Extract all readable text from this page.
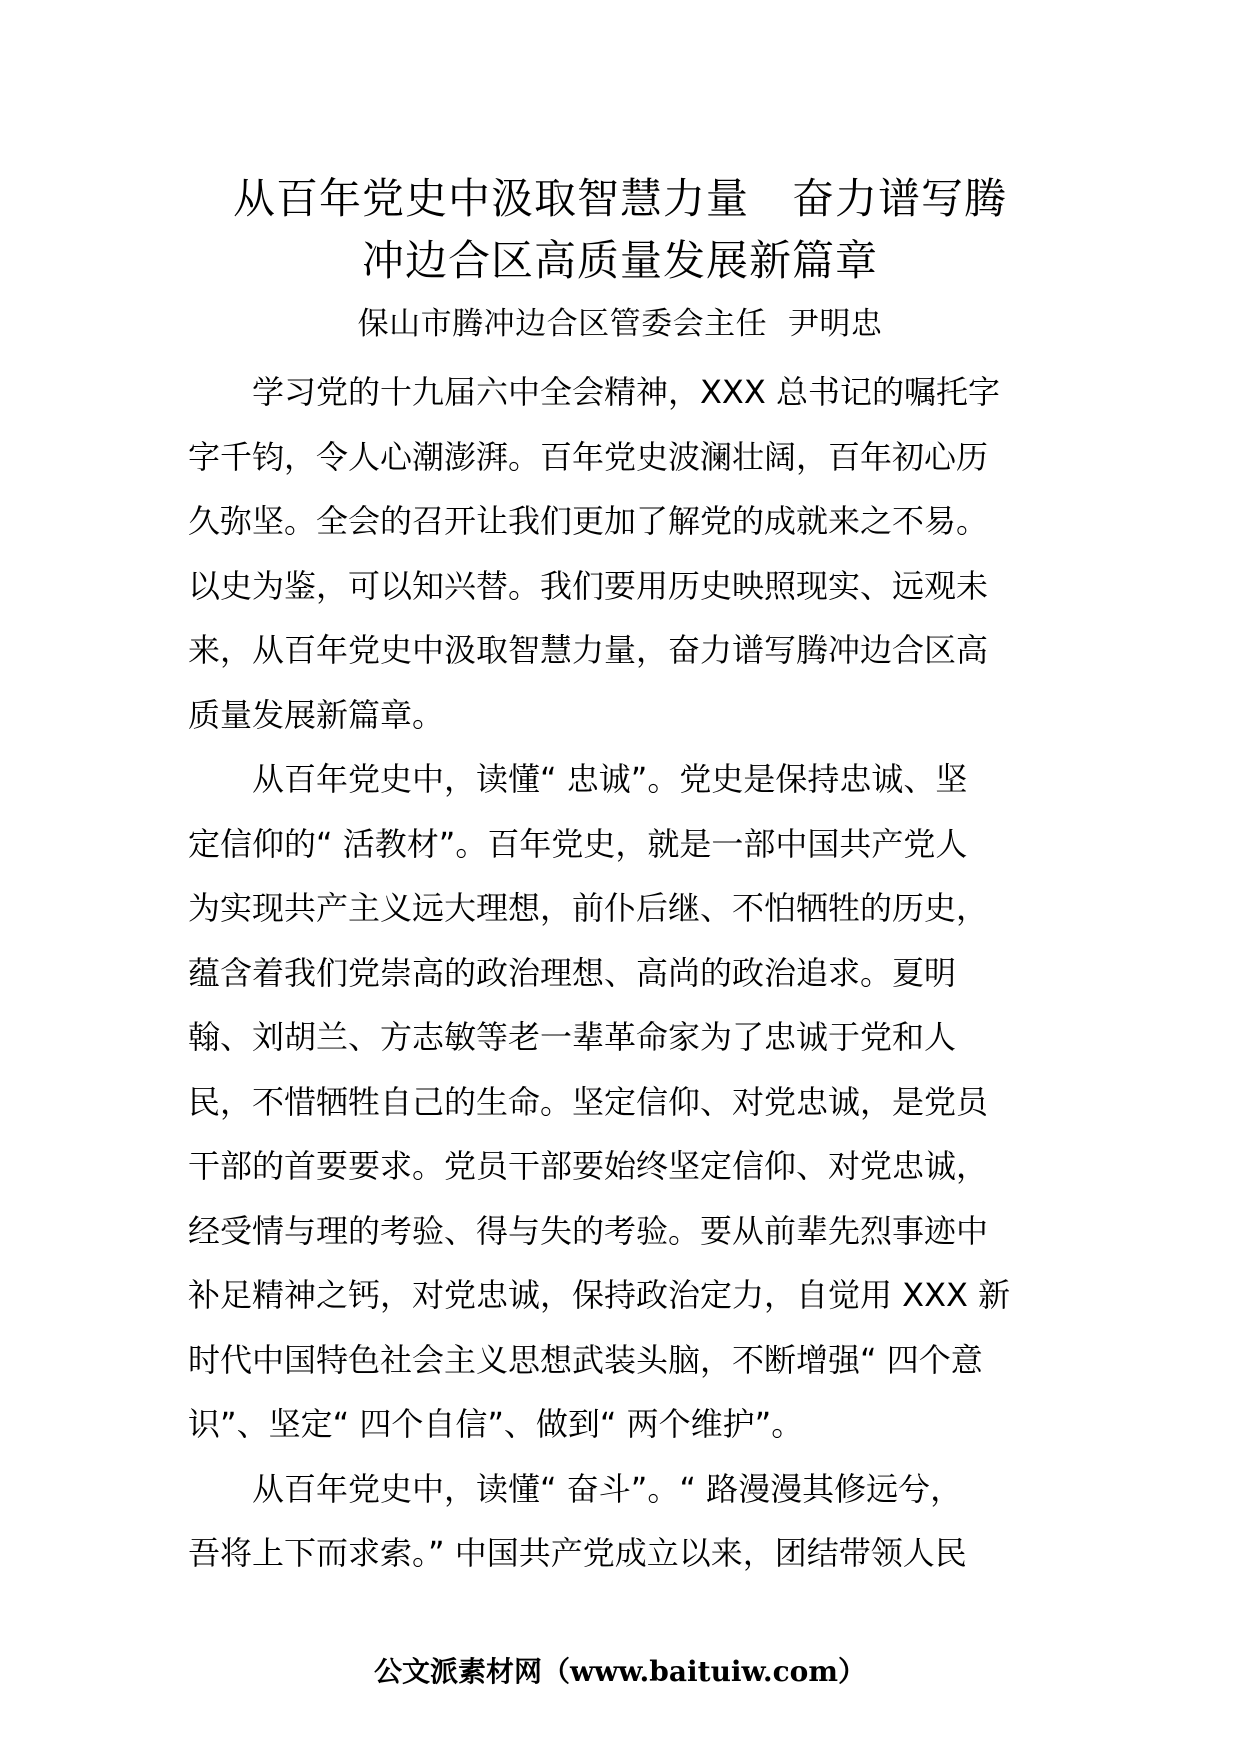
从百年党史中汲取智慧力量　奋力谱写腾
冲边合区高质量发展新篇章
保山市腾冲边合区管委会主任  尹明忠
学习党的十九届六中全会精神，XXX 总书记的嘱托字
字千钧，令人心潮澎湃。百年党史波澜壮阔，百年初心历
久弥坚。全会的召开让我们更加了解党的成就来之不易。
以史为鉴，可以知兴替。我们要用历史映照现实、远观未
来，从百年党史中汲取智慧力量，奋力谱写腾冲边合区高
质量发展新篇章。
从百年党史中，读懂“ 忠诚”。党史是保持忠诚、坚
定信仰的“ 活教材”。百年党史，就是一部中国共产党人
为实现共产主义远大理想，前仆后继、不怕牺牲的历史，
蕴含着我们党崇高的政治理想、高尚的政治追求。夏明
翰、刘胡兰、方志敏等老一辈革命家为了忠诚于党和人
民，不惜牺牲自己的生命。坚定信仰、对党忠诚，是党员
干部的首要要求。党员干部要始终坚定信仰、对党忠诚，
经受情与理的考验、得与失的考验。要从前辈先烈事迹中
补足精神之钙，对党忠诚，保持政治定力，自觉用 XXX 新
时代中国特色社会主义思想武装头脑，不断增强“ 四个意
识”、坚定“ 四个自信”、做到“ 两个维护”。
从百年党史中，读懂“ 奋斗”。“ 路漫漫其修远兮，
吾将上下而求索。” 中国共产党成立以来，团结带领人民
公文派素材网（www.baituiw.com）
